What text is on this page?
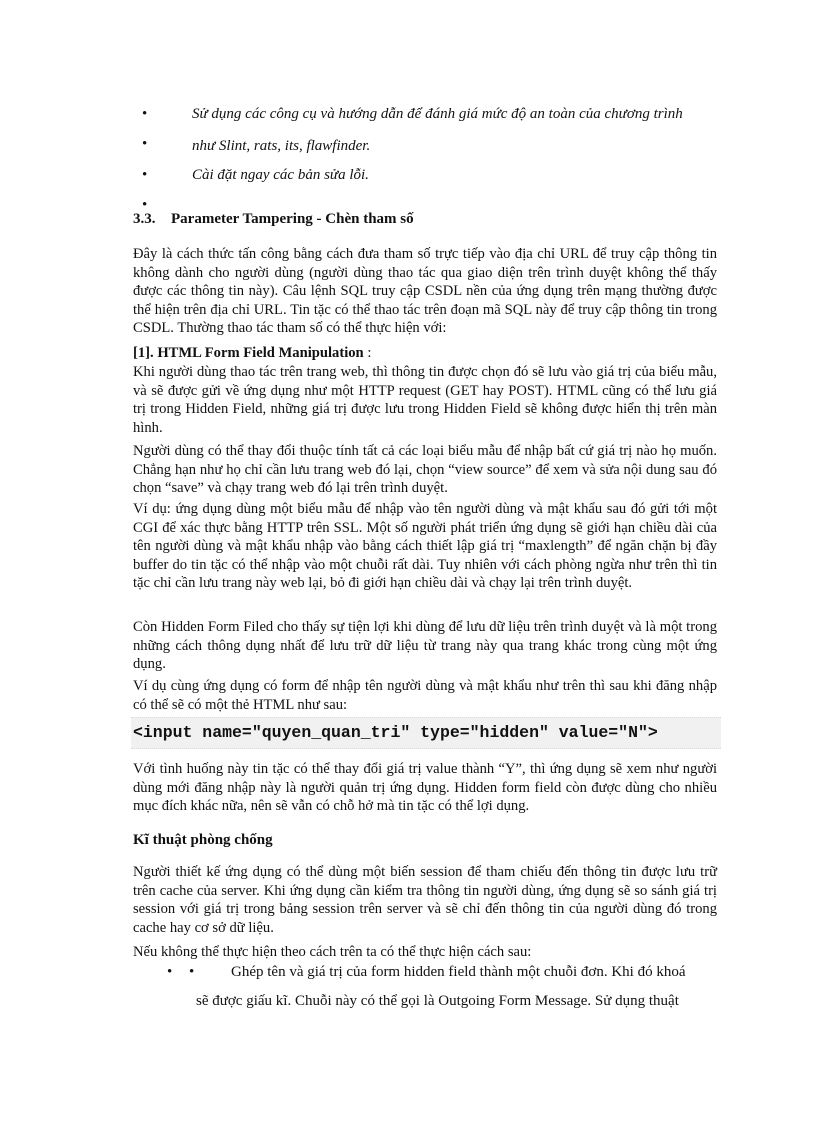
••
Sử dụng các công cụ và hướng dẫn để đánh giá mức độ an toàn của chương trình
như Slint, rats, its, flawfinder.
••
Cài đặt ngay các bản sửa lỗi.
3.3. Parameter Tampering - Chèn tham số

Đây là cách thức tấn công bằng cách đưa tham số trực tiếp vào địa chỉ URL để truy cập thông tin không dành cho người dùng (người dùng thao tác qua giao diện trên trình duyệt không thể thấy được các thông tin này). Câu lệnh SQL truy cập CSDL nền của ứng dụng trên mạng thường được thể hiện trên địa chỉ URL. Tin tặc có thể thao tác trên đoạn mã SQL này để truy cập thông tin trong CSDL. Thường thao tác tham số có thể thực hiện với:

[1]. HTML Form Field Manipulation :

Khi người dùng thao tác trên trang web, thì thông tin được chọn đó sẽ lưu vào giá trị của biểu mẫu, và sẽ được gửi về ứng dụng như một HTTP request (GET hay POST). HTML cũng có thể lưu giá trị trong Hidden Field, những giá trị được lưu trong Hidden Field sẽ không được hiển thị trên màn hình.

Người dùng có thể thay đổi thuộc tính tất cả các loại biểu mẫu để nhập bất cứ giá trị nào họ muốn. Chẳng hạn như họ chỉ cần lưu trang web đó lại, chọn “view source” để xem và sửa nội dung sau đó chọn “save” và chạy trang web đó lại trên trình duyệt.

Ví dụ: ứng dụng dùng một biểu mẫu để nhập vào tên người dùng và mật khẩu sau đó gửi tới một CGI để xác thực bằng HTTP trên SSL. Một số người phát triển ứng dụng sẽ giới hạn chiều dài của tên người dùng và mật khẩu nhập vào bằng cách thiết lập giá trị “maxlength” để ngăn chặn bị đầy buffer do tin tặc có thể nhập vào một chuỗi rất dài. Tuy nhiên với cách phòng ngừa như trên thì tin tặc chỉ cần lưu trang này web lại, bỏ đi giới hạn chiều dài và chạy lại trên trình duyệt.

Còn Hidden Form Filed cho thấy sự tiện lợi khi dùng để lưu dữ liệu trên trình duyệt và là một trong những cách thông dụng nhất để lưu trữ dữ liệu từ trang này qua trang khác trong cùng một ứng dụng.

Ví dụ cùng ứng dụng có form để nhập tên người dùng và mật khẩu như trên thì sau khi đăng nhập có thể sẽ có một thẻ HTML như sau:

<input name="quyen_quan_tri" type="hidden" value="N">

Với tình huống này tin tặc có thể thay đổi giá trị value thành “Y”, thì ứng dụng sẽ xem như người dùng mới đăng nhập này là người quản trị ứng dụng. Hidden form field còn được dùng cho nhiều mục đích khác nữa, nên sẽ vẫn có chỗ hở mà tin tặc có thể lợi dụng.

Kĩ thuật phòng chống

Người thiết kế ứng dụng có thể dùng một biến session để tham chiếu đến thông tin được lưu trữ trên cache của server. Khi ứng dụng cần kiểm tra thông tin người dùng, ứng dụng sẽ so sánh giá trị session với giá trị trong bảng session trên server và sẽ chỉ đến thông tin của người dùng đó trong cache hay cơ sở dữ liệu.

Nếu không thể thực hiện theo cách trên ta có thể thực hiện cách sau:

• •	Ghép tên và giá trị của form hidden field thành một chuỗi đơn. Khi đó khoá
sẽ được giấu kĩ. Chuỗi này có thể gọi là Outgoing Form Message. Sử dụng thuật
